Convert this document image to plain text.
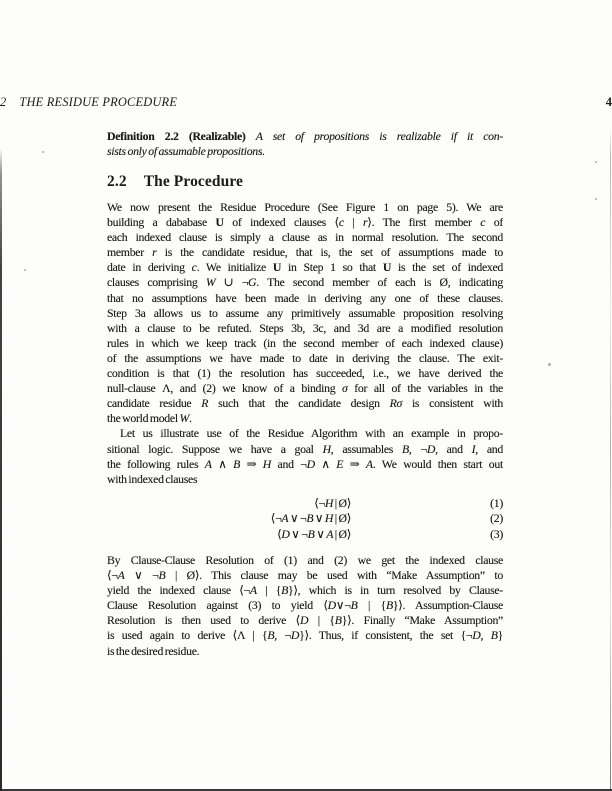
2 THE RESIDUE PROCEDURE	4
Definition 2.2 (Realizable) A set of propositions is realizable if it con-
sists only of assumable propositions.
2.2 The Procedure
We now present the Residue Procedure (See Figure 1 on page 5). We are
building a dababase U of indexed clauses ⟨c | r⟩. The first member c of
each indexed clause is simply a clause as in normal resolution. The second
member r is the candidate residue, that is, the set of assumptions made to
date in deriving c. We initialize U in Step 1 so that U is the set of indexed
clauses comprising W ∪ ¬G. The second member of each is Ø, indicating
that no assumptions have been made in deriving any one of these clauses.
Step 3a allows us to assume any primitively assumable proposition resolving
with a clause to be refuted. Steps 3b, 3c, and 3d are a modified resolution
rules in which we keep track (in the second member of each indexed clause)
of the assumptions we have made to date in deriving the clause. The exit-
condition is that (1) the resolution has succeeded, i.e., we have derived the
null-clause Λ, and (2) we know of a binding σ for all of the variables in the
candidate residue R such that the candidate design Rσ is consistent with
the world model W.
Let us illustrate use of the Residue Algorithm with an example in propo-
sitional logic. Suppose we have a goal H, assumables B, ¬D, and I, and
the following rules A ∧ B ⇒ H and ¬D ∧ E ⇒ A. We would then start out
with indexed clauses
⟨¬H | Ø⟩	(1)
⟨¬A ∨ ¬B ∨ H | Ø⟩	(2)
⟨D ∨ ¬B ∨ A | Ø⟩	(3)
By Clause-Clause Resolution of (1) and (2) we get the indexed clause
⟨¬A ∨ ¬B | Ø⟩. This clause may be used with “Make Assumption” to
yield the indexed clause ⟨¬A | {B}⟩, which is in turn resolved by Clause-
Clause Resolution against (3) to yield ⟨D∨¬B | {B}⟩. Assumption-Clause
Resolution is then used to derive ⟨D | {B}⟩. Finally “Make Assumption”
is used again to derive ⟨Λ | {B, ¬D}⟩. Thus, if consistent, the set {¬D, B}
is the desired residue.
